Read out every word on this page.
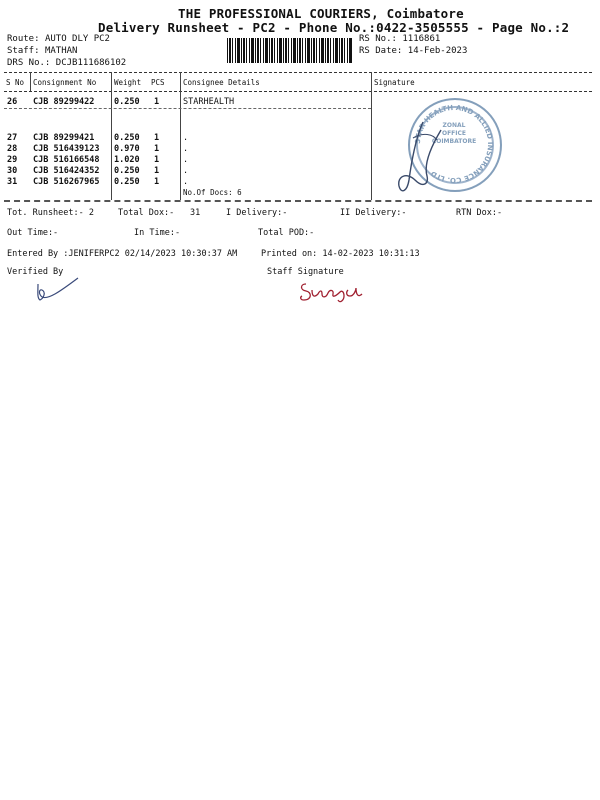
THE PROFESSIONAL COURIERS, Coimbatore
Delivery Runsheet - PC2 - Phone No.:0422-3505555 - Page No.:2
Route: AUTO DLY PC2
Staff: MATHAN
DRS No.: DCJB111686102
RS No.: 1116861
RS Date: 14-Feb-2023
S No Consignment No Weight PCS Consignee Details	Signature
26 CJB 89299422 0.250 1	STARHEALTH
27 CJB 89299421 0.250 1	.
28 CJB 516439123 0.970 1	.
29 CJB 516166548 1.020 1	.
30 CJB 516424352 0.250 1	.
31 CJB 516267965 0.250 1	.
No.Of Docs: 6
STAR HEALTH AND ALLIED INSURANCE CO. LTD
ZONAL OFFICE COIMBATORE
Tot. Runsheet:- 2	Total Dox:- 31	I Delivery:-	II Delivery:-	RTN Dox:-
Out Time:-	In Time:-	Total POD:-
Entered By :JENIFERPC2 02/14/2023 10:30:37 AM	Printed on: 14-02-2023 10:31:13
Verified By	Staff Signature
